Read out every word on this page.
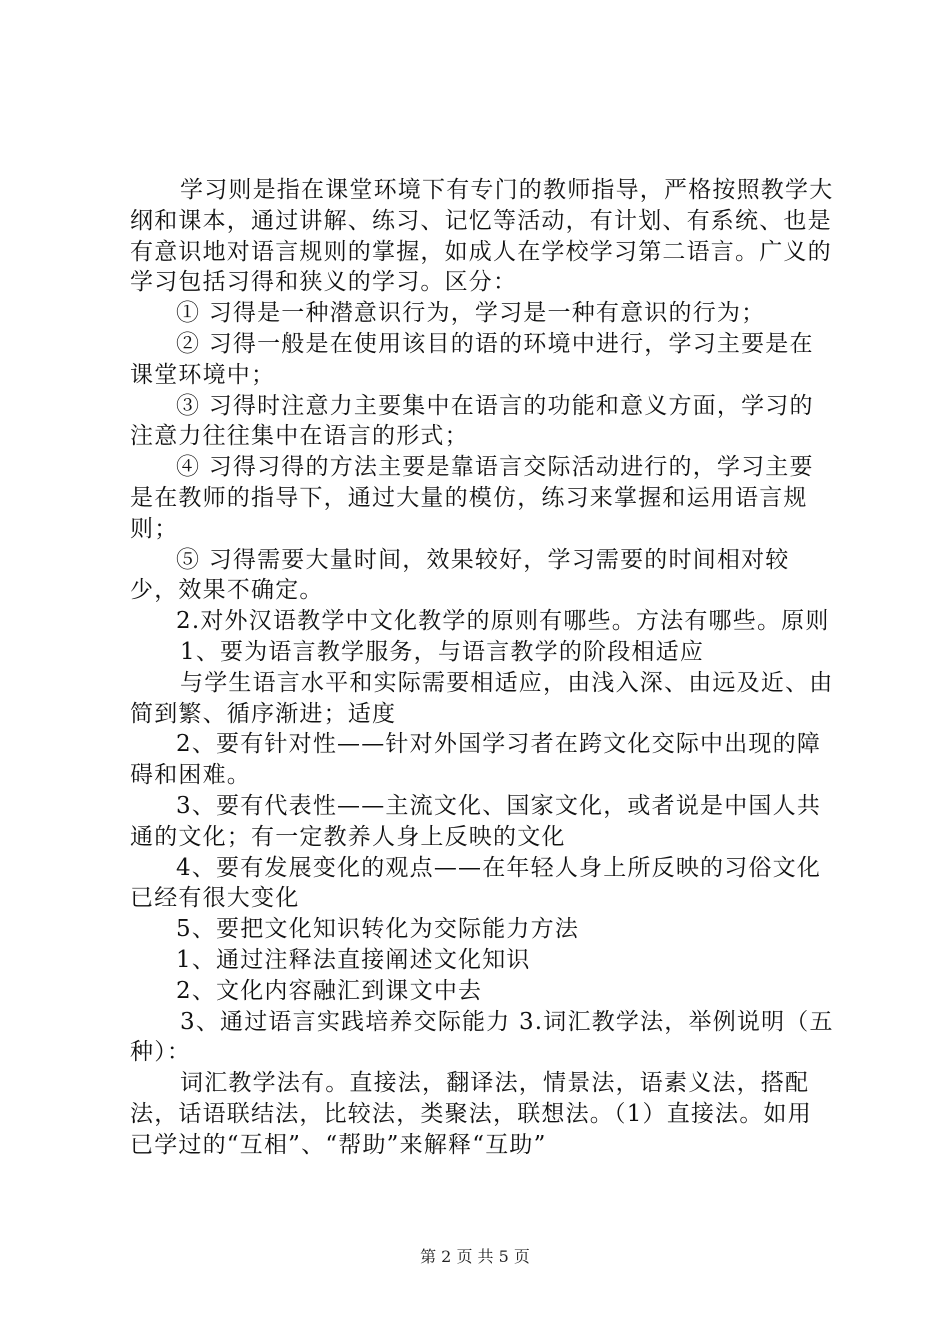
学习则是指在课堂环境下有专门的教师指导，严格按照教学大纲和课本，通过讲解、练习、记忆等活动，有计划、有系统、也是有意识地对语言规则的掌握，如成人在学校学习第二语言。广义的学习包括习得和狭义的学习。区分：

① 习得是一种潜意识行为，学习是一种有意识的行为；

② 习得一般是在使用该目的语的环境中进行，学习主要是在课堂环境中；

③ 习得时注意力主要集中在语言的功能和意义方面，学习的注意力往往集中在语言的形式；

④ 习得习得的方法主要是靠语言交际活动进行的，学习主要是在教师的指导下，通过大量的模仿，练习来掌握和运用语言规则；

⑤ 习得需要大量时间，效果较好，学习需要的时间相对较少，效果不确定。

2.对外汉语教学中文化教学的原则有哪些。方法有哪些。原则

1、要为语言教学服务，与语言教学的阶段相适应

与学生语言水平和实际需要相适应，由浅入深、由远及近、由简到繁、循序渐进；适度

2、要有针对性——针对外国学习者在跨文化交际中出现的障碍和困难。

3、要有代表性——主流文化、国家文化，或者说是中国人共通的文化；有一定教养人身上反映的文化

4、要有发展变化的观点——在年轻人身上所反映的习俗文化已经有很大变化

5、要把文化知识转化为交际能力方法

1、通过注释法直接阐述文化知识

2、文化内容融汇到课文中去

3、通过语言实践培养交际能力 3.词汇教学法，举例说明（五种）：

词汇教学法有。直接法，翻译法，情景法，语素义法，搭配法，话语联结法，比较法，类聚法，联想法。（1）直接法。如用已学过的“互相”、“帮助”来解释“互助”

第 2 页 共 5 页
